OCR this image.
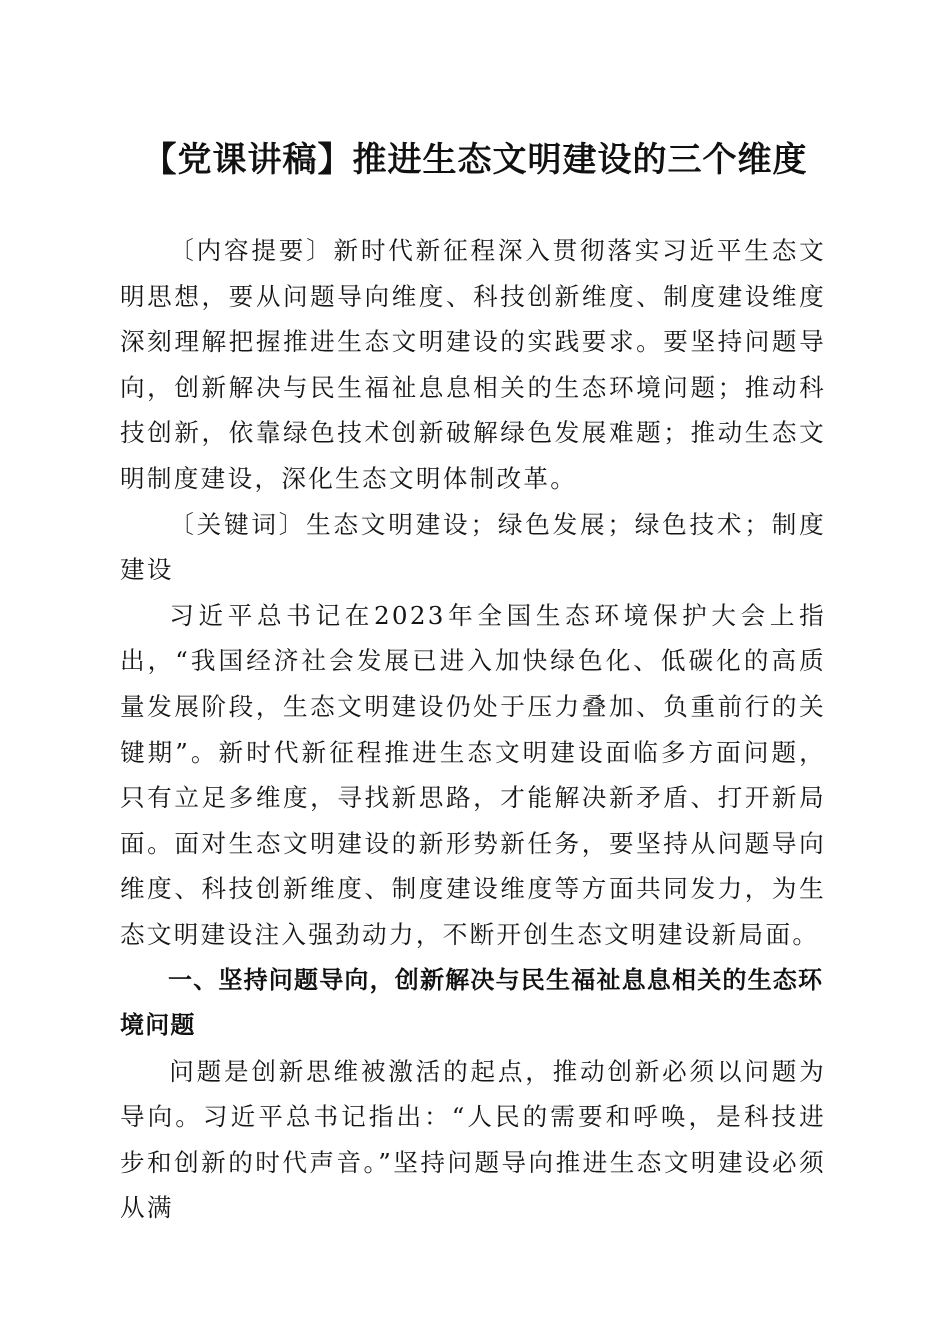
【党课讲稿】推进生态文明建设的三个维度

〔内容提要〕新时代新征程深入贯彻落实习近平生态文明思想，要从问题导向维度、科技创新维度、制度建设维度深刻理解把握推进生态文明建设的实践要求。要坚持问题导向，创新解决与民生福祉息息相关的生态环境问题；推动科技创新，依靠绿色技术创新破解绿色发展难题；推动生态文明制度建设，深化生态文明体制改革。

〔关键词〕生态文明建设；绿色发展；绿色技术；制度建设

习近平总书记在2023年全国生态环境保护大会上指出，“我国经济社会发展已进入加快绿色化、低碳化的高质量发展阶段，生态文明建设仍处于压力叠加、负重前行的关键期”。新时代新征程推进生态文明建设面临多方面问题，只有立足多维度，寻找新思路，才能解决新矛盾、打开新局面。面对生态文明建设的新形势新任务，要坚持从问题导向维度、科技创新维度、制度建设维度等方面共同发力，为生态文明建设注入强劲动力，不断开创生态文明建设新局面。

一、坚持问题导向，创新解决与民生福祉息息相关的生态环境问题

问题是创新思维被激活的起点，推动创新必须以问题为导向。习近平总书记指出：“人民的需要和呼唤，是科技进步和创新的时代声音。”坚持问题导向推进生态文明建设必须从满
